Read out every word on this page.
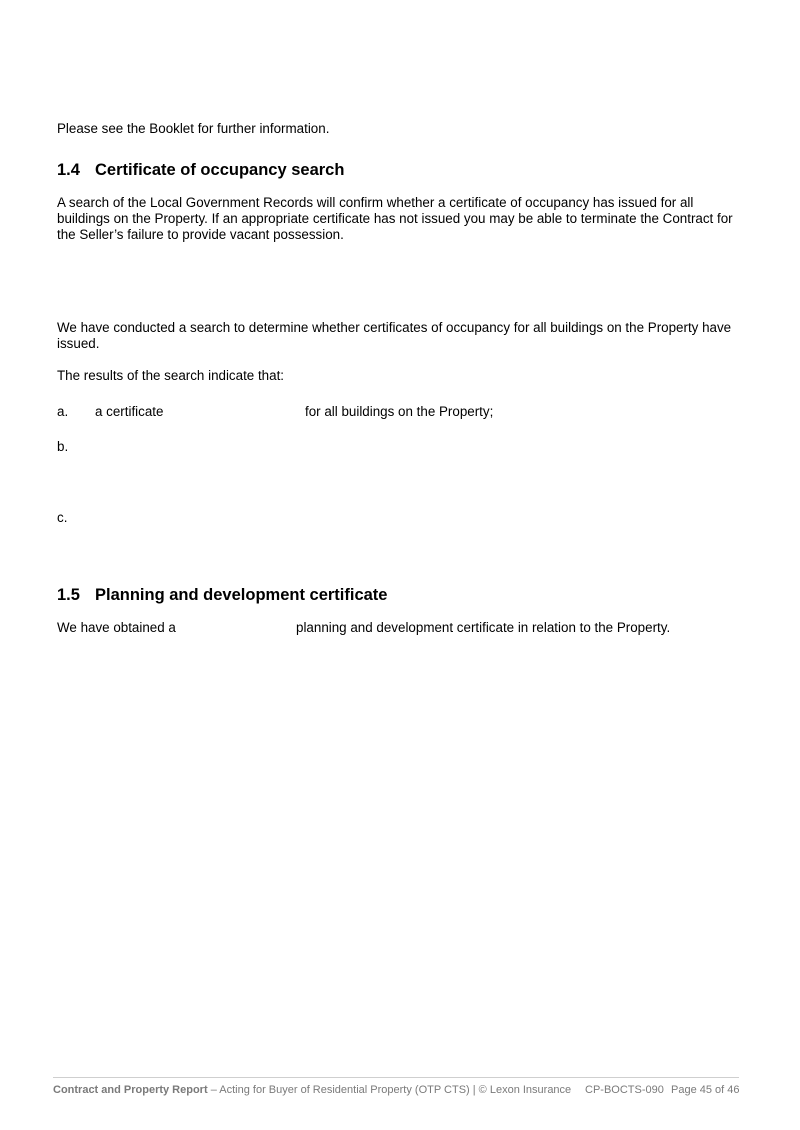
Please see the Booklet for further information.

1.4 Certificate of occupancy search

A search of the Local Government Records will confirm whether a certificate of occupancy has issued for all buildings on the Property. If an appropriate certificate has not issued you may be able to terminate the Contract for the Seller’s failure to provide vacant possession.

We have conducted a search to determine whether certificates of occupancy for all buildings on the Property have issued.

The results of the search indicate that:

a. a certificate	for all buildings on the Property;
b.
c.
1.5 Planning and development certificate
We have obtained a	planning and development certificate in relation to the Property.
Contract and Property Report – Acting for Buyer of Residential Property (OTP CTS) | © Lexon Insurance CP-BOCTS-090 Page 45 of 46
